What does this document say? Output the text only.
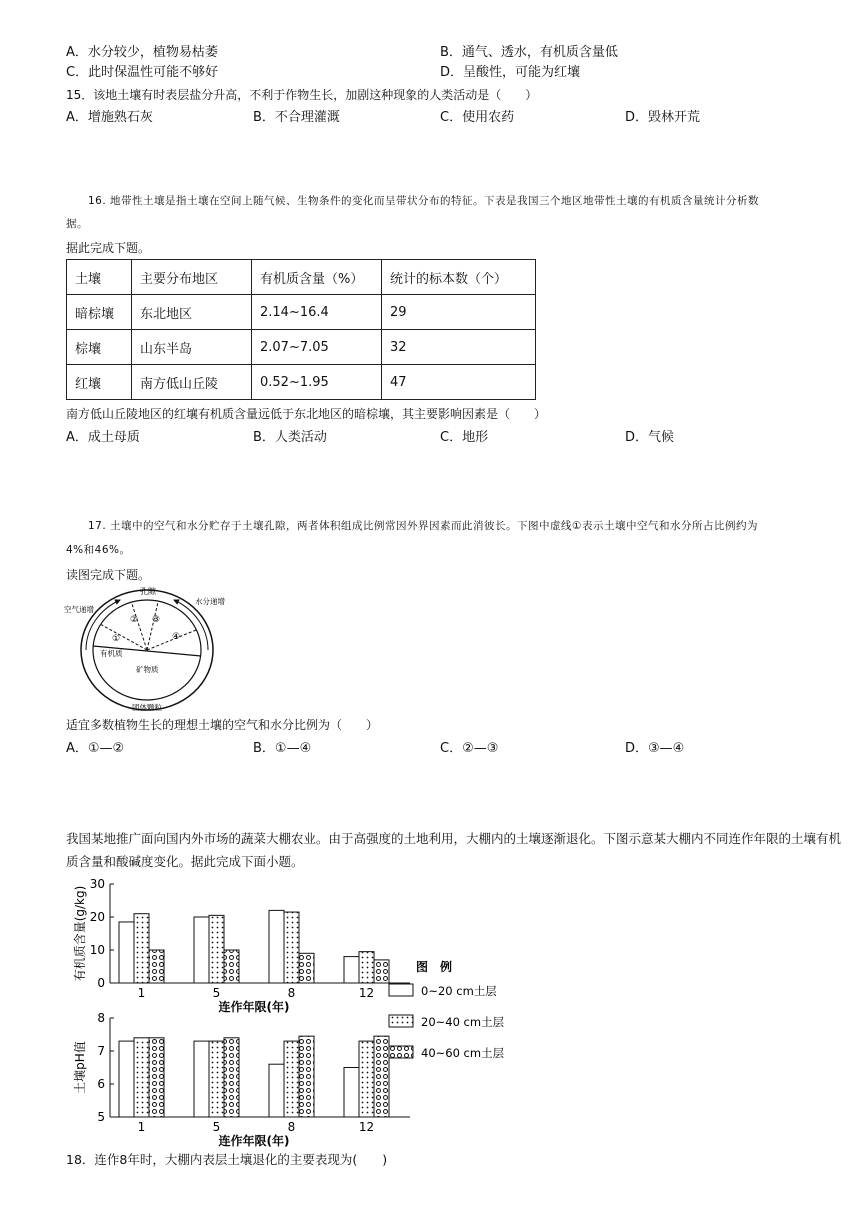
A．水分较少，植物易枯萎	B．通气、透水，有机质含量低
C．此时保温性可能不够好	D．呈酸性，可能为红壤
15．该地土壤有时表层盐分升高，不利于作物生长，加剧这种现象的人类活动是（　　）
A．增施熟石灰	B．不合理灌溉	C．使用农药	D．毁林开荒
16. 地带性土壤是指土壤在空间上随气候、生物条件的变化而呈带状分布的特征。下表是我国三个地区地带性土壤的有机质含量统计分析数
据。
据此完成下题。
土壤	主要分布地区	有机质含量（%）	统计的标本数（个）
暗棕壤	东北地区	2.14~16.4	29
棕壤	山东半岛	2.07~7.05	32
红壤	南方低山丘陵	0.52~1.95	47
南方低山丘陵地区的红壤有机质含量远低于东北地区的暗棕壤，其主要影响因素是（　　）
A．成土母质	B．人类活动	C．地形	D．气候
17. 土壤中的空气和水分贮存于土壤孔隙，两者体积组成比例常因外界因素而此消彼长。下图中虚线①表示土壤中空气和水分所占比例约为
4%和46%。
读图完成下题。
孔隙
空气递增
水分递增
①
② ③
④
有机质
矿物质
团体颗粒
适宜多数植物生长的理想土壤的空气和水分比例为（　　）
A．①—②	B．①—④	C．②—③	D．③—④
我国某地推广面向国内外市场的蔬菜大棚农业。由于高强度的土地利用，大棚内的土壤逐渐退化。下图示意某大棚内不同连作年限的土壤有机
质含量和酸碱度变化。据此完成下面小题。
0
10
20
30
1	5	8	12
连作年限(年)
有机质含量(g/kg)
5
6
7
8
1	5	8	12
连作年限(年)
土壤pH值
图　例
0~20 cm土层
20~40 cm土层
40~60 cm土层
18．连作8年时，大棚内表层土壤退化的主要表现为(　　)
